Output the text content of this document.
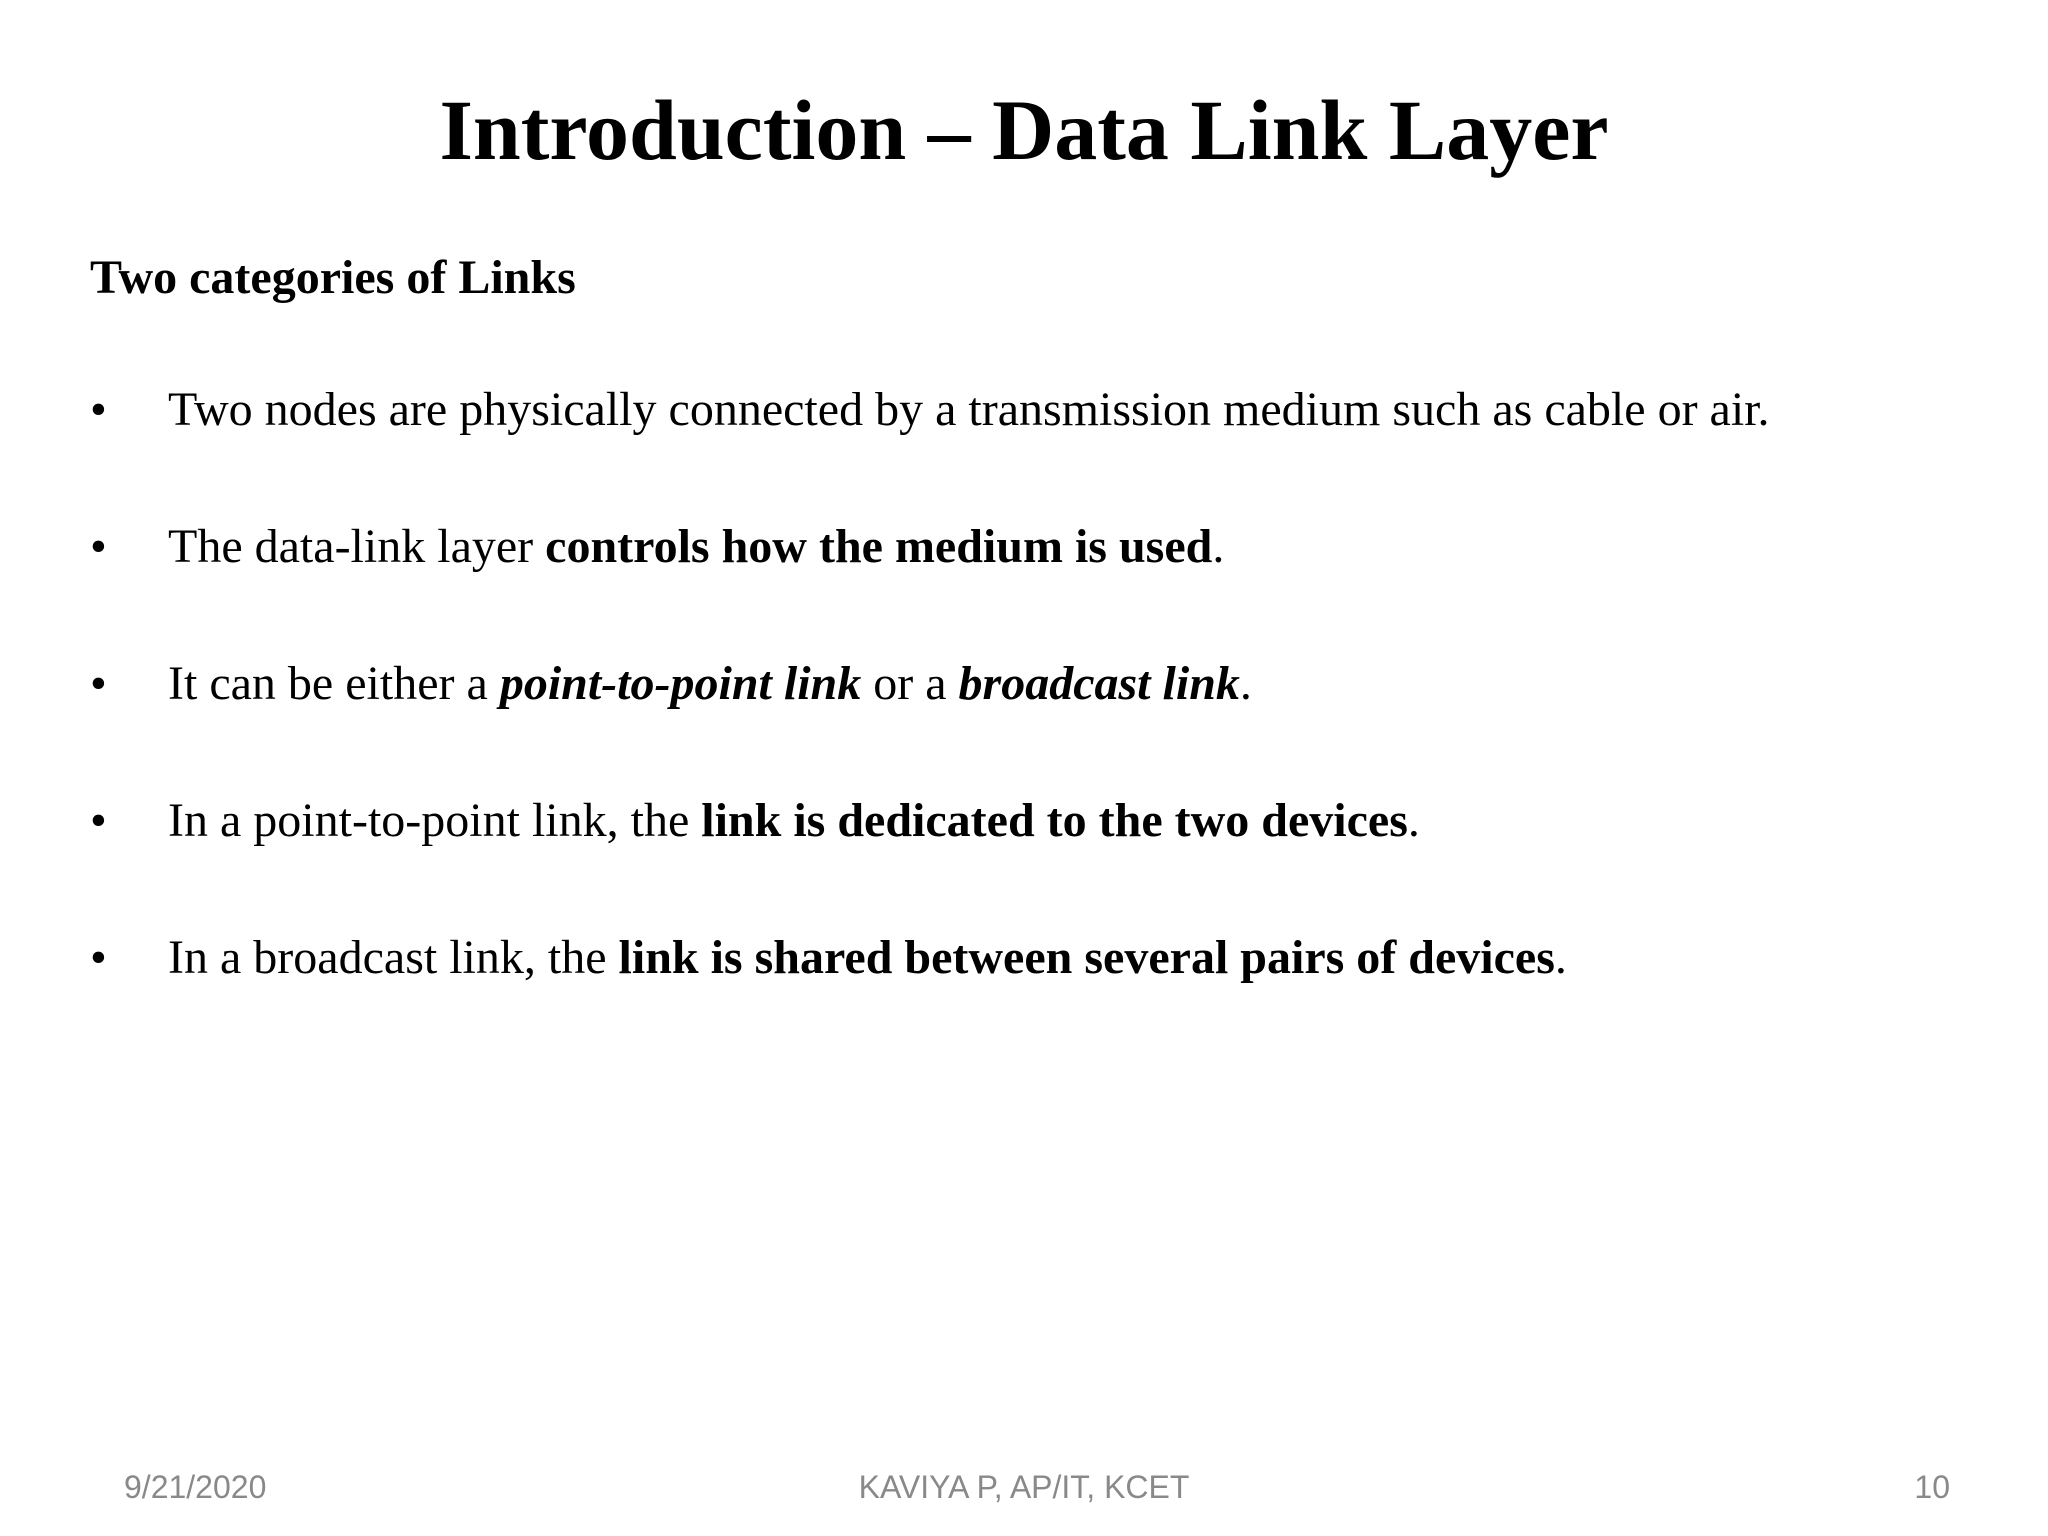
Introduction – Data Link Layer
Two categories of Links
• Two nodes are physically connected by a transmission medium such as cable or air.
• The data-link layer controls how the medium is used.
• It can be either a point-to-point link or a broadcast link.
• In a point-to-point link, the link is dedicated to the two devices.
• In a broadcast link, the link is shared between several pairs of devices.
9/21/2020	KAVIYA P, AP/IT, KCET	10
